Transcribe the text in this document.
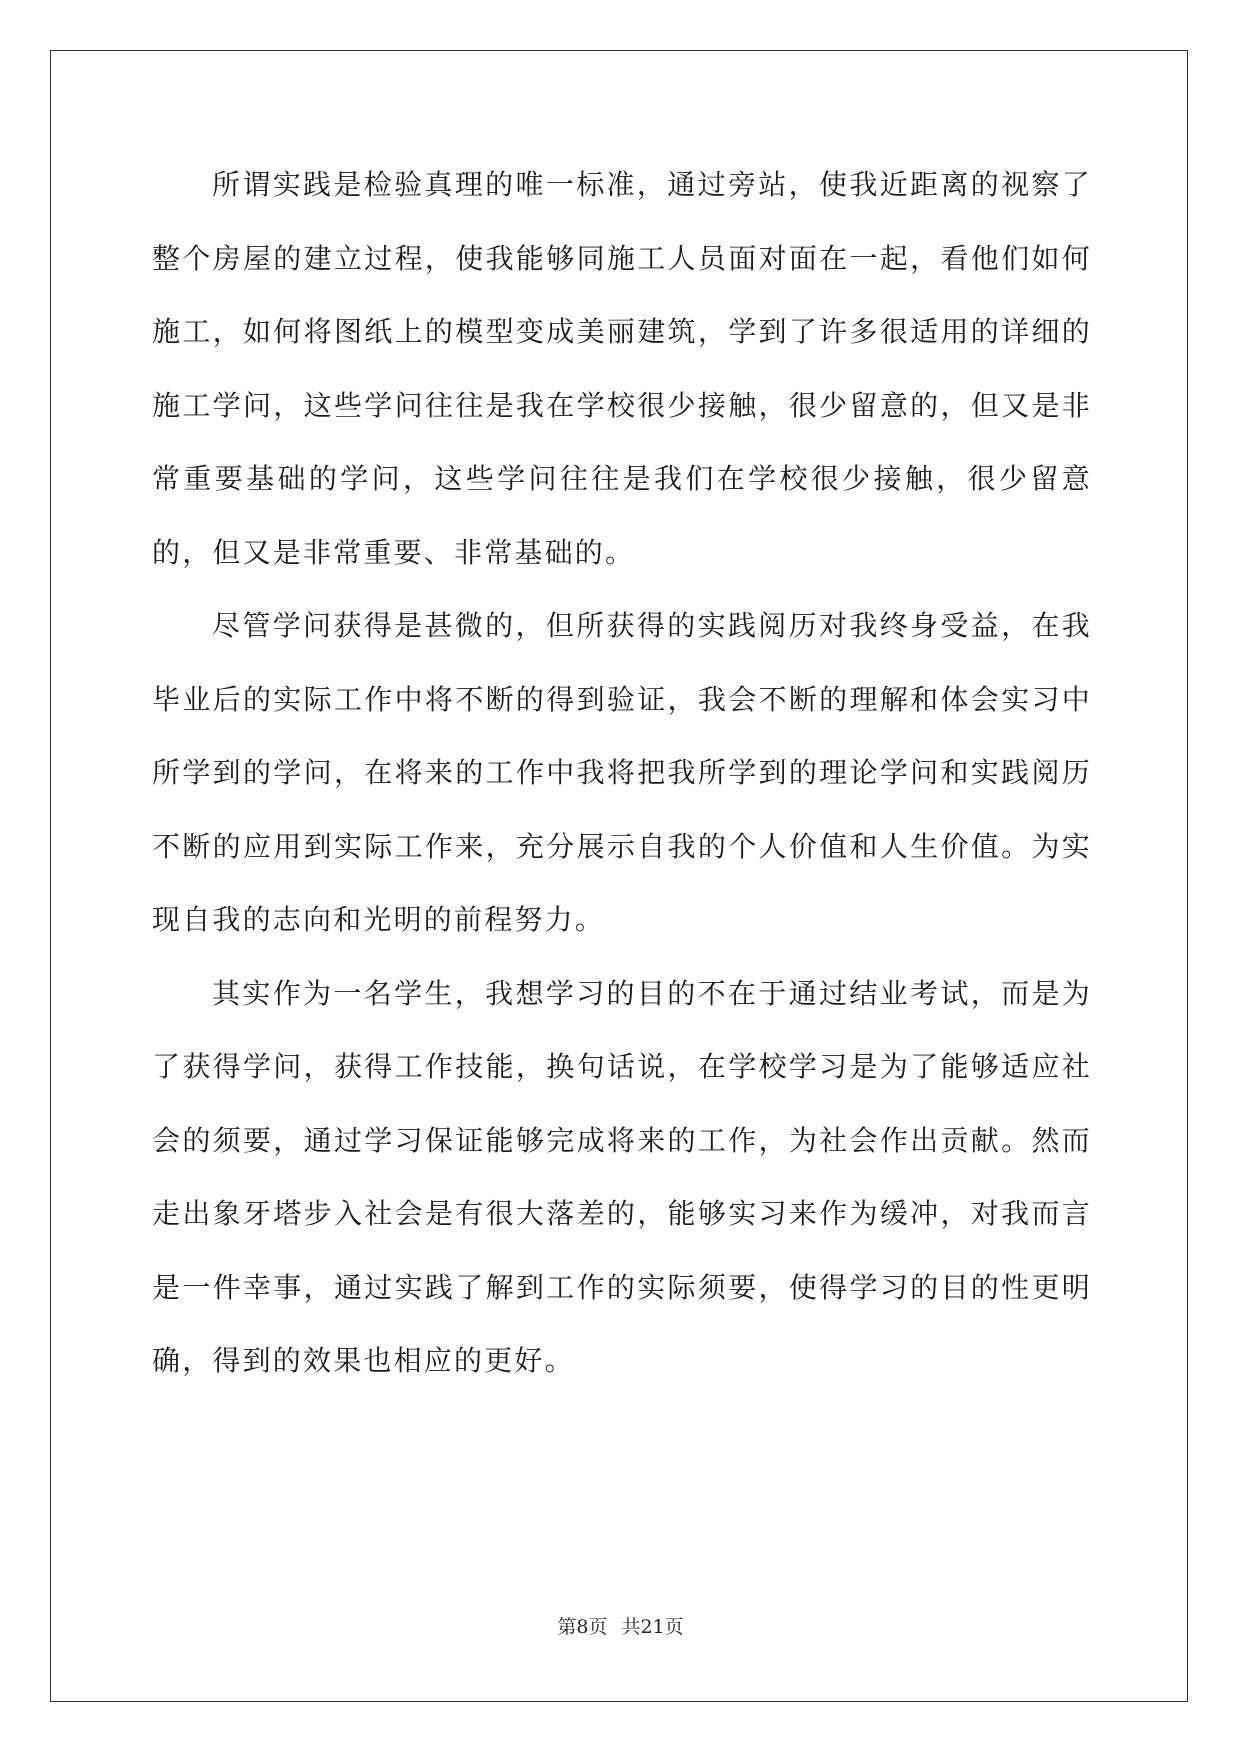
所谓实践是检验真理的唯一标准，通过旁站，使我近距离的视察了整个房屋的建立过程，使我能够同施工人员面对面在一起，看他们如何施工，如何将图纸上的模型变成美丽建筑，学到了许多很适用的详细的施工学问，这些学问往往是我在学校很少接触，很少留意的，但又是非常重要基础的学问，这些学问往往是我们在学校很少接触，很少留意的，但又是非常重要、非常基础的。

尽管学问获得是甚微的，但所获得的实践阅历对我终身受益，在我毕业后的实际工作中将不断的得到验证，我会不断的理解和体会实习中所学到的学问，在将来的工作中我将把我所学到的理论学问和实践阅历不断的应用到实际工作来，充分展示自我的个人价值和人生价值。为实现自我的志向和光明的前程努力。

其实作为一名学生，我想学习的目的不在于通过结业考试，而是为了获得学问，获得工作技能，换句话说，在学校学习是为了能够适应社会的须要，通过学习保证能够完成将来的工作，为社会作出贡献。然而走出象牙塔步入社会是有很大落差的，能够实习来作为缓冲，对我而言是一件幸事，通过实践了解到工作的实际须要，使得学习的目的性更明确，得到的效果也相应的更好。

第8页 共21页
